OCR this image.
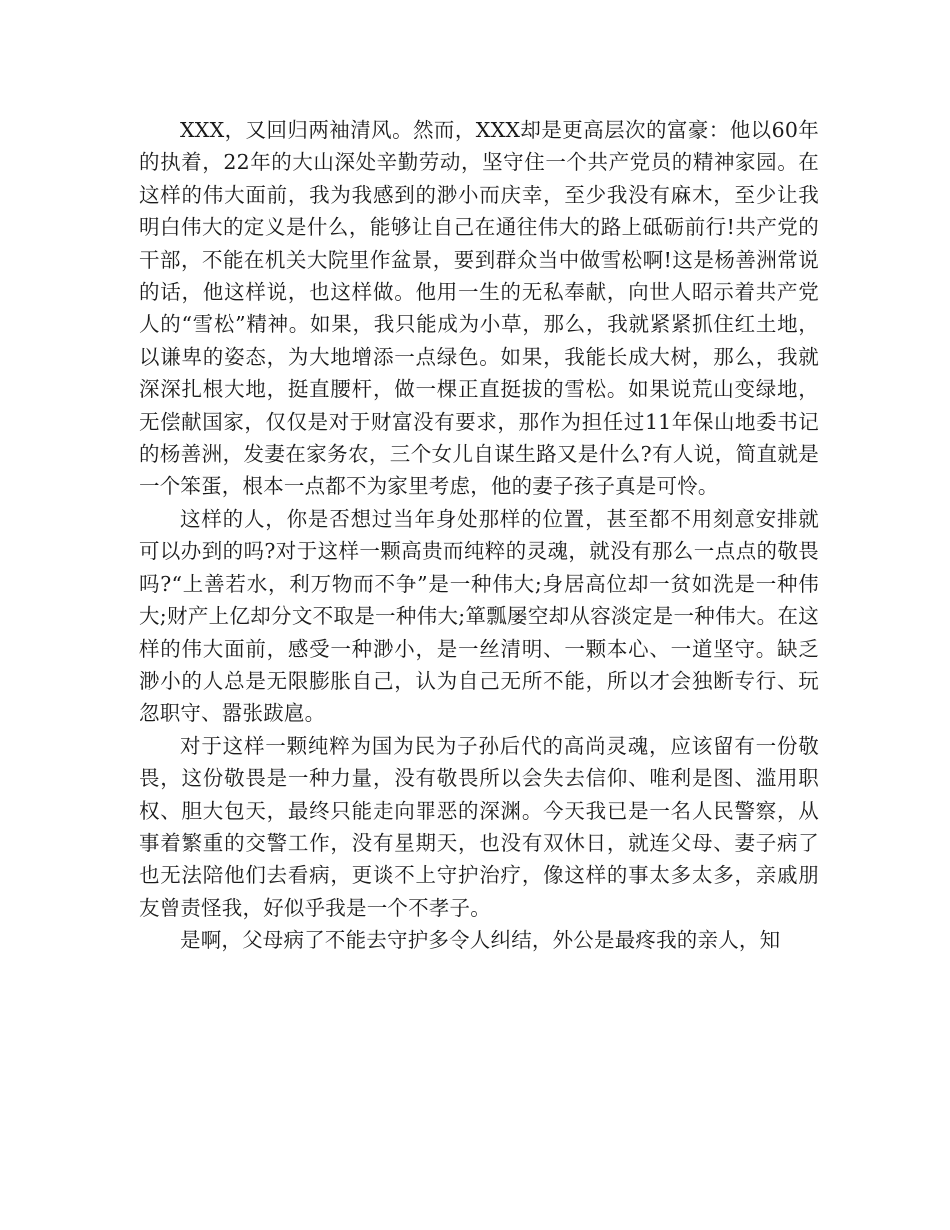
XXX，又回归两袖清风。然而，XXX却是更高层次的富豪：他以60年的执着，22年的大山深处辛勤劳动，坚守住一个共产党员的精神家园。在这样的伟大面前，我为我感到的渺小而庆幸，至少我没有麻木，至少让我明白伟大的定义是什么，能够让自己在通往伟大的路上砥砺前行!共产党的干部，不能在机关大院里作盆景，要到群众当中做雪松啊!这是杨善洲常说的话，他这样说，也这样做。他用一生的无私奉献，向世人昭示着共产党人的“雪松”精神。如果，我只能成为小草，那么，我就紧紧抓住红土地，以谦卑的姿态，为大地增添一点绿色。如果，我能长成大树，那么，我就深深扎根大地，挺直腰杆，做一棵正直挺拔的雪松。如果说荒山变绿地，无偿献国家，仅仅是对于财富没有要求，那作为担任过11年保山地委书记的杨善洲，发妻在家务农，三个女儿自谋生路又是什么?有人说，简直就是一个笨蛋，根本一点都不为家里考虑，他的妻子孩子真是可怜。

这样的人，你是否想过当年身处那样的位置，甚至都不用刻意安排就可以办到的吗?对于这样一颗高贵而纯粹的灵魂，就没有那么一点点的敬畏吗?“上善若水，利万物而不争”是一种伟大;身居高位却一贫如洗是一种伟大;财产上亿却分文不取是一种伟大;箪瓢屡空却从容淡定是一种伟大。在这样的伟大面前，感受一种渺小，是一丝清明、一颗本心、一道坚守。缺乏渺小的人总是无限膨胀自己，认为自己无所不能，所以才会独断专行、玩忽职守、嚣张跋扈。

对于这样一颗纯粹为国为民为子孙后代的高尚灵魂，应该留有一份敬畏，这份敬畏是一种力量，没有敬畏所以会失去信仰、唯利是图、滥用职权、胆大包天，最终只能走向罪恶的深渊。今天我已是一名人民警察，从事着繁重的交警工作，没有星期天，也没有双休日，就连父母、妻子病了也无法陪他们去看病，更谈不上守护治疗，像这样的事太多太多，亲戚朋友曾责怪我，好似乎我是一个不孝子。

是啊，父母病了不能去守护多令人纠结，外公是最疼我的亲人，知
